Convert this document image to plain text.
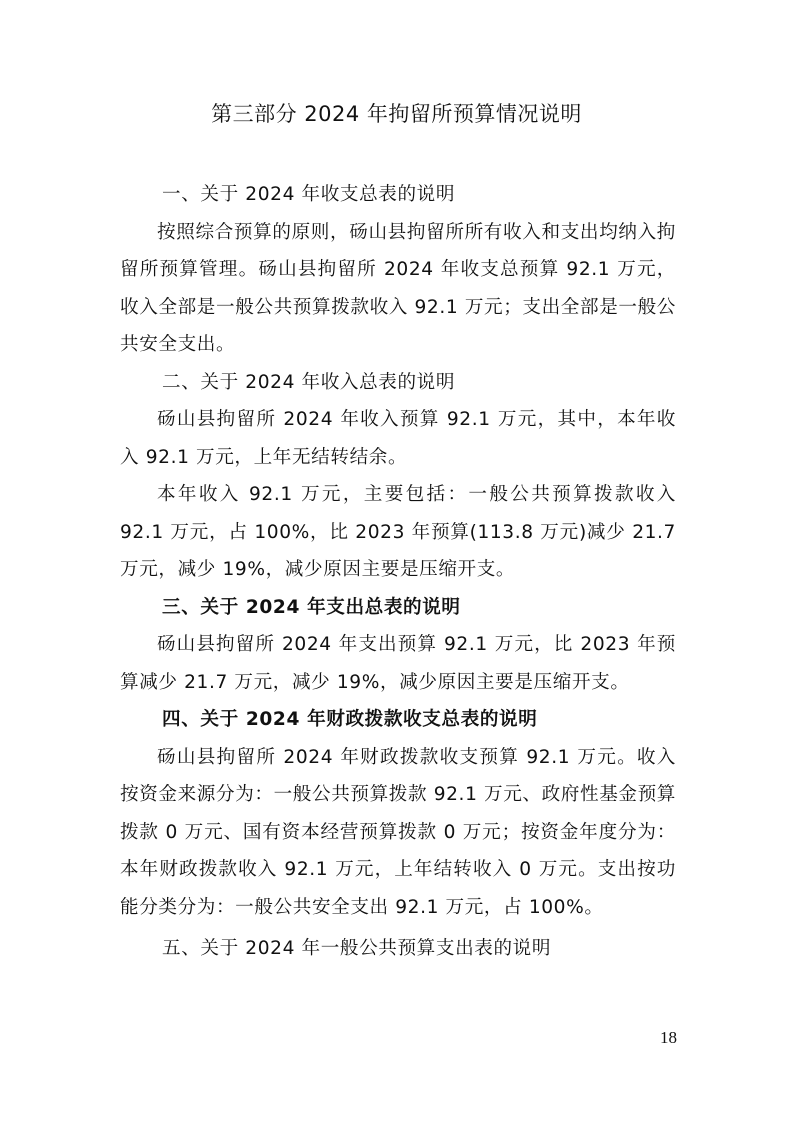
第三部分 2024 年拘留所预算情况说明
一、关于 2024 年收支总表的说明

按照综合预算的原则，砀山县拘留所所有收入和支出均纳入拘留所预算管理。砀山县拘留所 2024 年收支总预算 92.1 万元，收入全部是一般公共预算拨款收入 92.1 万元；支出全部是一般公共安全支出。

二、关于 2024 年收入总表的说明

砀山县拘留所 2024 年收入预算 92.1 万元，其中，本年收入 92.1 万元，上年无结转结余。

本年收入 92.1 万元，主要包括：一般公共预算拨款收入 92.1 万元，占 100%，比 2023 年预算(113.8 万元)减少 21.7 万元，减少 19%，减少原因主要是压缩开支。

三、关于 2024 年支出总表的说明

砀山县拘留所 2024 年支出预算 92.1 万元，比 2023 年预算减少 21.7 万元，减少 19%，减少原因主要是压缩开支。

四、关于 2024 年财政拨款收支总表的说明

砀山县拘留所 2024 年财政拨款收支预算 92.1 万元。收入按资金来源分为：一般公共预算拨款 92.1 万元、政府性基金预算拨款 0 万元、国有资本经营预算拨款 0 万元；按资金年度分为：本年财政拨款收入 92.1 万元，上年结转收入 0 万元。支出按功能分类分为：一般公共安全支出 92.1 万元，占 100%。

五、关于 2024 年一般公共预算支出表的说明
18
